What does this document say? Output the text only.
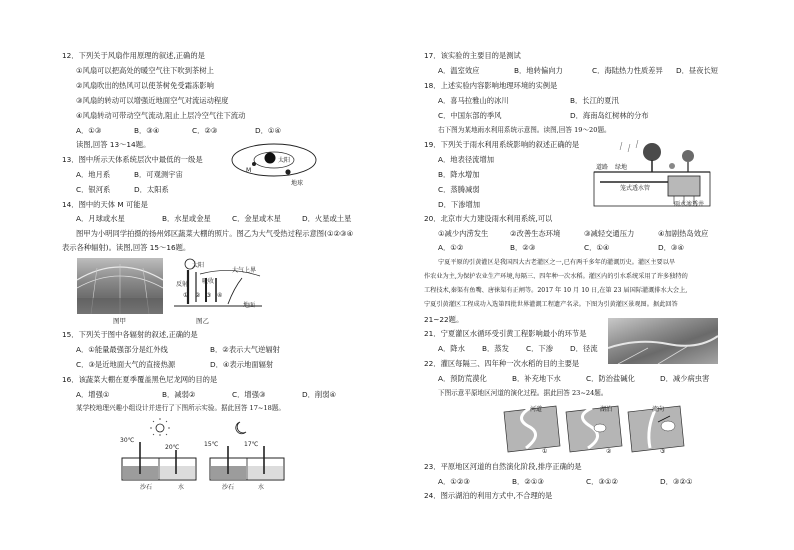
12．下列关于风扇作用原理的叙述,正确的是
①风扇可以把高处的暖空气往下吹到茶树上
②风扇吹出的热风可以使茶树免受霜冻影响
③风扇的转动可以增强近地面空气对流运动程度
④风扇转动可带动空气流动,阻止上层冷空气往下流动
A．①③	B．③④	C．②③	D．①④
读图,回答 13～14题。
13．图中所示天体系统层次中最低的一级是
A．地月系	B．可观测宇宙
C．银河系	D．太阳系
太阳
M
地球
14．图中的天体 M 可能是
A．月球或水星	B．水星或金星	C．金星或木星	D．火星或土星
图甲为小明同学拍摄的扬州郊区蔬菜大棚的照片。图乙为大气受热过程示意图(①②③④
表示各种辐射)。读图,回答 15～16题。
图甲
太阳
反射 吸收
大气上界
地面
① ② ③ ④
图乙
15．下列关于图中各辐射的叙述,正确的是
A．①能量最强部分是红外线	B．②表示大气逆辐射
C．③是近地面大气的直接热源	D．④表示地面辐射
16．该蔬菜大棚在夏季覆盖黑色尼龙网的目的是
A．增强①	B．减弱②	C．增强③	D．削弱④
某学校地理兴趣小组设计并进行了下图所示实验。据此回答 17~18题。
30℃
20℃	15℃	17℃
沙石	水	沙石	水
17．该实验的主要目的是测试
A．温室效应	B．地转偏向力	C．海陆热力性质差异 D．昼夜长短
18．上述实验内容影响地理环境的实例是
A．喜马拉雅山的冰川	B．长江的夏汛
C．中国东部的季风	D．海南岛红树林的分布
右下图为某地雨水利用系统示意图。读图,回答 19～20题。
19．下列关于雨水利用系统影响的叙述正确的是
A．地表径流增加
B．降水增加
C．蒸腾减弱
D．下渗增加
道路 绿地
笼式透水管
雨水渗透井
20．北京市大力建设雨水利用系统,可以
①减少内涝发生	②改善生态环境	③减轻交通压力	④加剧热岛效应
A．①②	B．②③	C．①④	D．③④
宁夏平原的引黄灌区是我国四大古老灌区之一,已有两千多年的灌溉历史。灌区主要以旱
作农业为主,为保护农业生产环境,每隔三、四年种一次水稻。灌区内的引水系统采用了许多独特的
工程技术,秦渠有鱼嘴、唐徕渠有正闸等。2017 年 10 月 10 日,在第 23 届国际灌溉排水大会上,
宁夏引黄灌区工程成功入选第四批世界灌溉工程遗产名录。下图为引黄灌区景观图。据此回答
21~22题。
21．宁夏灌区水循环受引黄工程影响最小的环节是
A．降水 B．蒸发 C．下渗 D．径流
22．灌区每隔三、四年种一次水稻的目的主要是
A．预防荒漠化	B．补充地下水	C．防治盐碱化	D．减少病虫害
下图示意平原地区河道的演化过程。据此回答 23~24题。
河道	湖泊	流向
①	②	③
23．平原地区河道的自然演化阶段,排序正确的是
A．①②③	B．②①③	C．③①②	D．③②①
24．图示湖泊的利用方式中,不合理的是
